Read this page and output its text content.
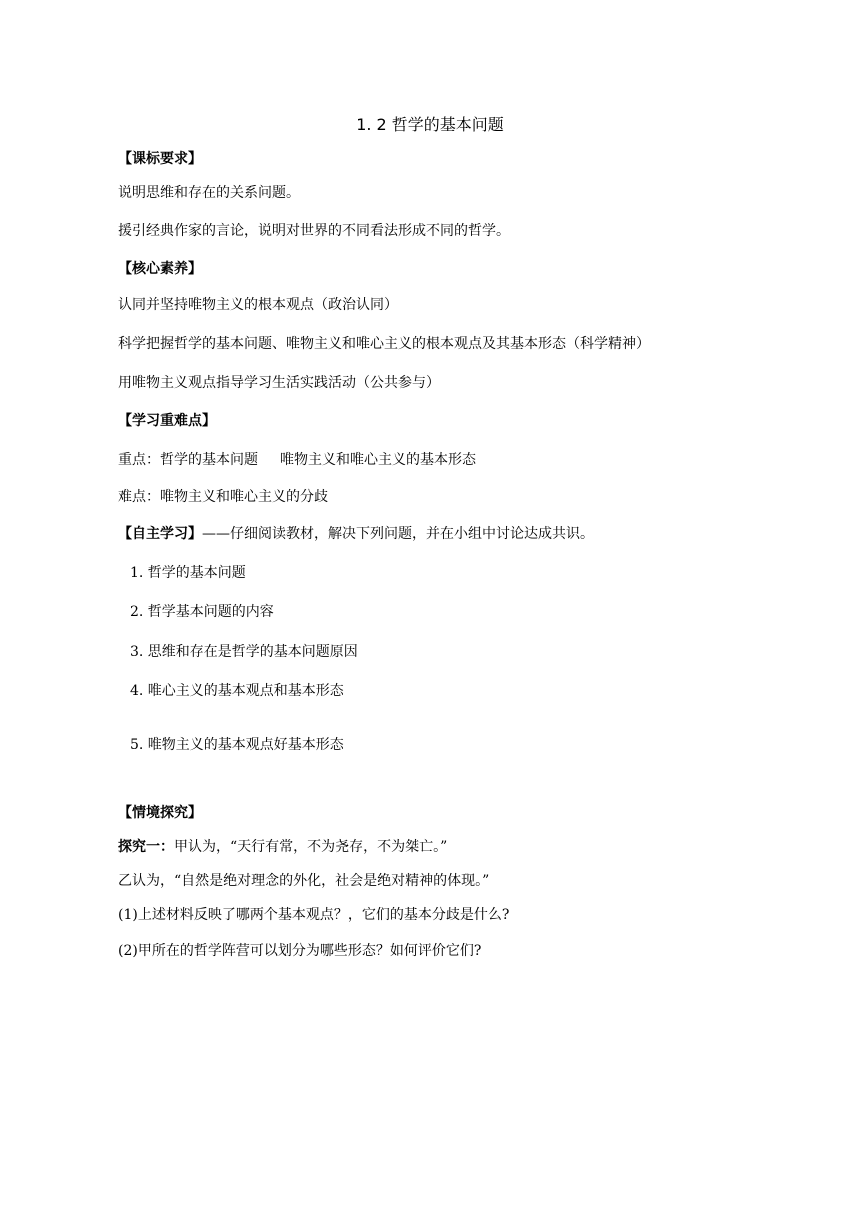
1. 2 哲学的基本问题
【课标要求】
说明思维和存在的关系问题。
援引经典作家的言论，说明对世界的不同看法形成不同的哲学。
【核心素养】
认同并坚持唯物主义的根本观点（政治认同）
科学把握哲学的基本问题、唯物主义和唯心主义的根本观点及其基本形态（科学精神）
用唯物主义观点指导学习生活实践活动（公共参与）
【学习重难点】
重点：哲学的基本问题 唯物主义和唯心主义的基本形态
难点：唯物主义和唯心主义的分歧
【自主学习】——仔细阅读教材，解决下列问题，并在小组中讨论达成共识。
1. 哲学的基本问题
2. 哲学基本问题的内容
3. 思维和存在是哲学的基本问题原因
4. 唯心主义的基本观点和基本形态
5. 唯物主义的基本观点好基本形态
【情境探究】
探究一：甲认为，“天行有常，不为尧存，不为桀亡。”
乙认为，“自然是绝对理念的外化，社会是绝对精神的体现。”
(1)上述材料反映了哪两个基本观点？，它们的基本分歧是什么?
(2)甲所在的哲学阵营可以划分为哪些形态？如何评价它们?
